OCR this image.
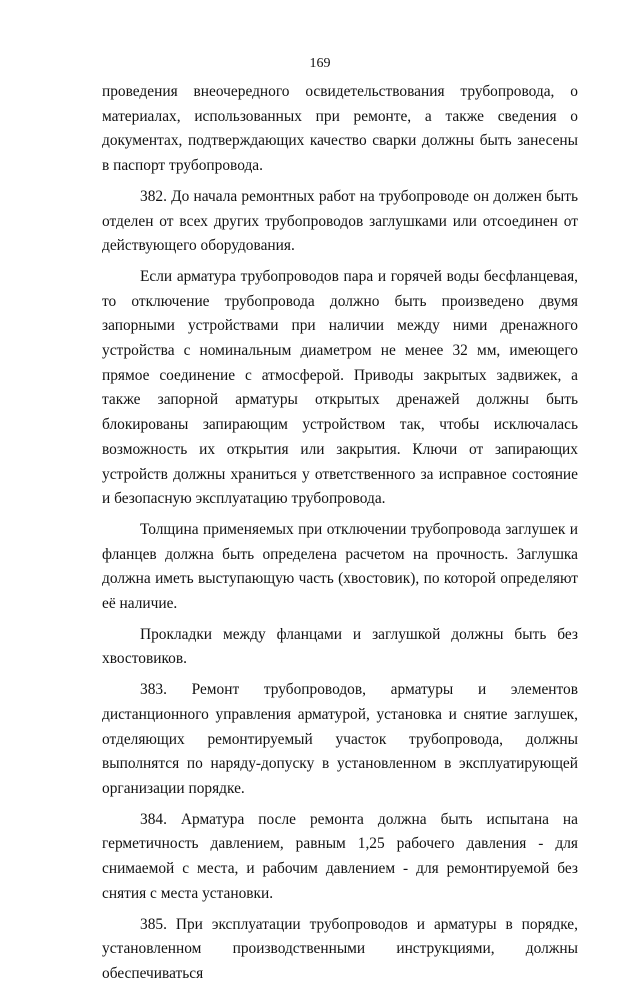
169

проведения внеочередного освидетельствования трубопровода, о материалах, использованных при ремонте, а также сведения о документах, подтверждающих качество сварки должны быть занесены в паспорт трубопровода.

382. До начала ремонтных работ на трубопроводе он должен быть отделен от всех других трубопроводов заглушками или отсоединен от действующего оборудования.

Если арматура трубопроводов пара и горячей воды бесфланцевая, то отключение трубопровода должно быть произведено двумя запорными устройствами при наличии между ними дренажного устройства с номинальным диаметром не менее 32 мм, имеющего прямое соединение с атмосферой. Приводы закрытых задвижек, а также запорной арматуры открытых дренажей должны быть блокированы запирающим устройством так, чтобы исключалась возможность их открытия или закрытия. Ключи от запирающих устройств должны храниться у ответственного за исправное состояние и безопасную эксплуатацию трубопровода.

Толщина применяемых при отключении трубопровода заглушек и фланцев должна быть определена расчетом на прочность. Заглушка должна иметь выступающую часть (хвостовик), по которой определяют её наличие.

Прокладки между фланцами и заглушкой должны быть без хвостовиков.

383. Ремонт трубопроводов, арматуры и элементов дистанционного управления арматурой, установка и снятие заглушек, отделяющих ремонтируемый участок трубопровода, должны выполнятся по наряду-допуску в установленном в эксплуатирующей организации порядке.

384. Арматура после ремонта должна быть испытана на герметичность давлением, равным 1,25 рабочего давления - для снимаемой с места, и рабочим давлением - для ремонтируемой без снятия с места установки.

385. При эксплуатации трубопроводов и арматуры в порядке, установленном производственными инструкциями, должны обеспечиваться
